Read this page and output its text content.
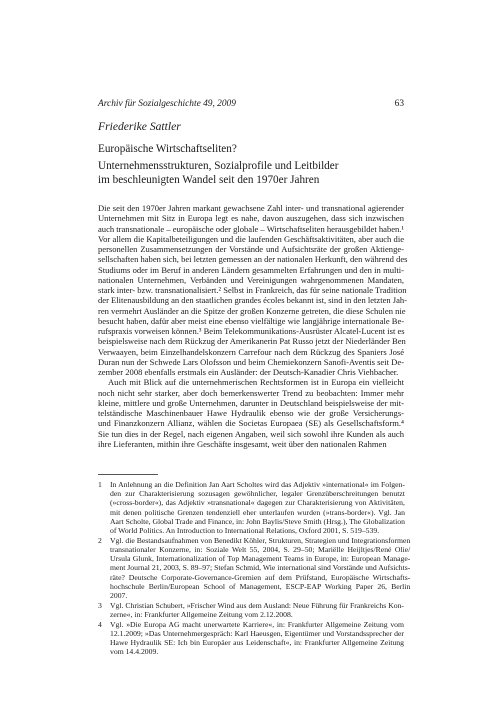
Archiv für Sozialgeschichte 49, 2009	63
Friederike Sattler
Europäische Wirtschaftseliten?
Unternehmensstrukturen, Sozialprofile und Leitbilder
im beschleunigten Wandel seit den 1970er Jahren
Die seit den 1970er Jahren markant gewachsene Zahl inter- und transnational agierender
Unternehmen mit Sitz in Europa legt es nahe, davon auszugehen, dass sich inzwischen
auch transnationale – europäische oder globale – Wirtschaftseliten herausgebildet haben.¹
Vor allem die Kapitalbeteiligungen und die laufenden Geschäftsaktivitäten, aber auch die
personellen Zusammensetzungen der Vorstände und Aufsichtsräte der großen Aktienge-
sellschaften haben sich, bei letzten gemessen an der nationalen Herkunft, den während des
Studiums oder im Beruf in anderen Ländern gesammelten Erfahrungen und den in multi-
nationalen Unternehmen, Verbänden und Vereinigungen wahrgenommenen Mandaten,
stark inter- bzw. transnationalisiert.² Selbst in Frankreich, das für seine nationale Tradition
der Elitenausbildung an den staatlichen grandes écoles bekannt ist, sind in den letzten Jah-
ren vermehrt Ausländer an die Spitze der großen Konzerne getreten, die diese Schulen nie
besucht haben, dafür aber meist eine ebenso vielfältige wie langjährige internationale Be-
rufspraxis vorweisen können.³ Beim Telekommunikations-Ausrüster Alcatel-Lucent ist es
beispielsweise nach dem Rückzug der Amerikanerin Pat Russo jetzt der Niederländer Ben
Verwaayen, beim Einzelhandelskonzern Carrefour nach dem Rückzug des Spaniers José
Duran nun der Schwede Lars Olofsson und beim Chemiekonzern Sanofi-Aventis seit De-
zember 2008 ebenfalls erstmals ein Ausländer: der Deutsch-Kanadier Chris Viehbacher.
Auch mit Blick auf die unternehmerischen Rechtsformen ist in Europa ein vielleicht
noch nicht sehr starker, aber doch bemerkenswerter Trend zu beobachten: Immer mehr
kleine, mittlere und große Unternehmen, darunter in Deutschland beispielsweise der mit-
telständische Maschinenbauer Hawe Hydraulik ebenso wie der große Versicherungs-
und Finanzkonzern Allianz, wählen die Societas Europaea (SE) als Gesellschaftsform.⁴
Sie tun dies in der Regel, nach eigenen Angaben, weil sich sowohl ihre Kunden als auch
ihre Lieferanten, mithin ihre Geschäfte insgesamt, weit über den nationalen Rahmen
1	In Anlehnung an die Definition Jan Aart Scholtes wird das Adjektiv »international« im Folgen-
den zur Charakterisierung sozusagen gewöhnlicher, legaler Grenzüberschreitungen benutzt
(»cross-border«), das Adjektiv »transnational« dagegen zur Charakterisierung von Aktivitäten,
mit denen politische Grenzen tendenziell eher unterlaufen wurden (»trans-border«). Vgl. Jan
Aart Scholte, Global Trade and Finance, in: John Baylis/Steve Smith (Hrsg.), The Globalization
of World Politics. An Introduction to International Relations, Oxford 2001, S. 519–539.
2	Vgl. die Bestandsaufnahmen von Benedikt Köhler, Strukturen, Strategien und Integrationsformen
transnationaler Konzerne, in: Soziale Welt 55, 2004, S. 29–50; Mariëlle Heijltjes/René Olie/
Ursula Glunk, Internationalization of Top Management Teams in Europe, in: European Manage-
ment Journal 21, 2003, S. 89–97; Stefan Schmid, Wie international sind Vorstände und Aufsichts-
räte? Deutsche Corporate-Governance-Gremien auf dem Prüfstand, Europäische Wirtschafts-
hochschule Berlin/European School of Management, ESCP-EAP Working Paper 26, Berlin
2007.
3	Vgl. Christian Schubert, »Frischer Wind aus dem Ausland: Neue Führung für Frankreichs Kon-
zerne«, in: Frankfurter Allgemeine Zeitung vom 2.12.2008.
4	Vgl. »Die Europa AG macht unerwartete Karriere«, in: Frankfurter Allgemeine Zeitung vom
12.1.2009; »Das Unternehmergespräch: Karl Haeusgen, Eigentümer und Vorstandssprecher der
Hawe Hydraulik SE: Ich bin Europäer aus Leidenschaft«, in: Frankfurter Allgemeine Zeitung
vom 14.4.2009.
